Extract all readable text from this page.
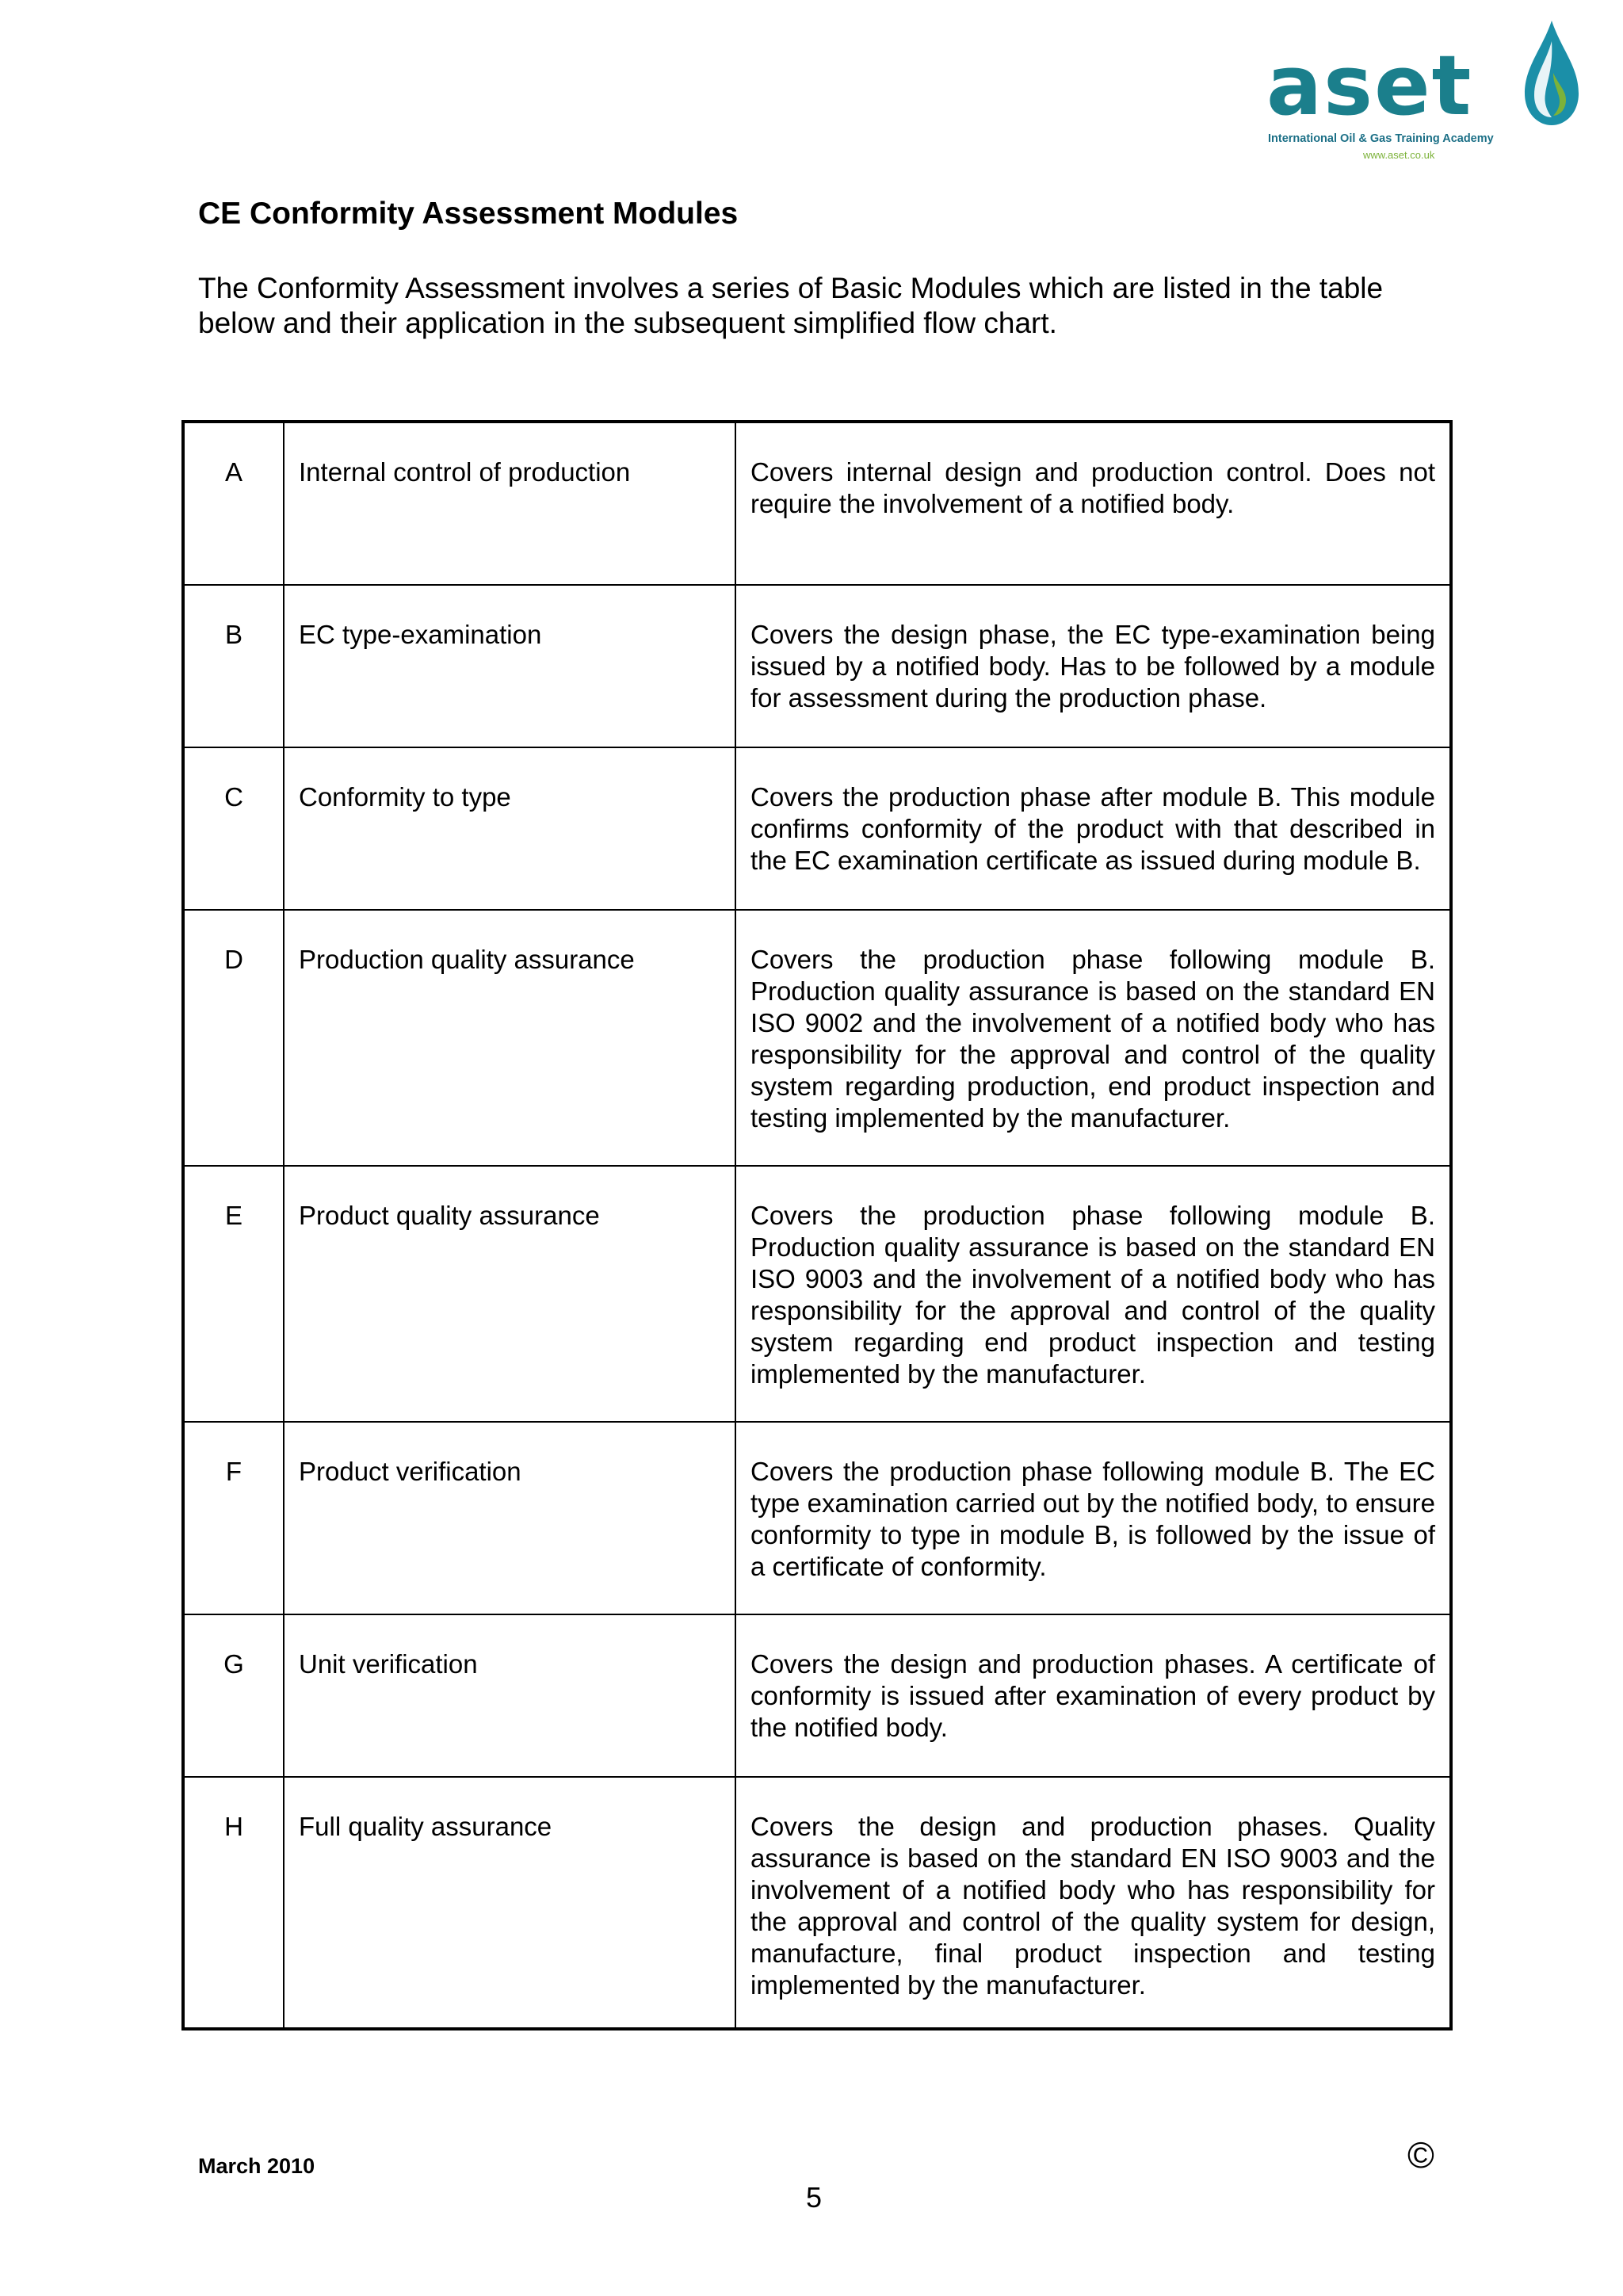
aset
International Oil & Gas Training Academy
www.aset.co.uk
CE Conformity Assessment Modules

The Conformity Assessment involves a series of Basic Modules which are listed in the table below and their application in the subsequent simplified flow chart.

A	Internal control of production	Covers internal design and production control. Does not require the involvement of a notified body.
B	EC type-examination	Covers the design phase, the EC type-examination being issued by a notified body. Has to be followed by a module for assessment during the production phase.
C	Conformity to type	Covers the production phase after module B. This module confirms conformity of the product with that described in the EC examination certificate as issued during module B.
D	Production quality assurance	Covers the production phase following module B. Production quality assurance is based on the standard EN ISO 9002 and the involvement of a notified body who has responsibility for the approval and control of the quality system regarding production, end product inspection and testing implemented by the manufacturer.
E	Product quality assurance	Covers the production phase following module B. Production quality assurance is based on the standard EN ISO 9003 and the involvement of a notified body who has responsibility for the approval and control of the quality system regarding end product inspection and testing implemented by the manufacturer.
F	Product verification	Covers the production phase following module B. The EC type examination carried out by the notified body, to ensure conformity to type in module B, is followed by the issue of a certificate of conformity.
G	Unit verification	Covers the design and production phases. A certificate of conformity is issued after examination of every product by the notified body.
H	Full quality assurance	Covers the design and production phases. Quality assurance is based on the standard EN ISO 9003 and the involvement of a notified body who has responsibility for the approval and control of the quality system for design, manufacture, final product inspection and testing implemented by the manufacturer.
March 2010	©
5
